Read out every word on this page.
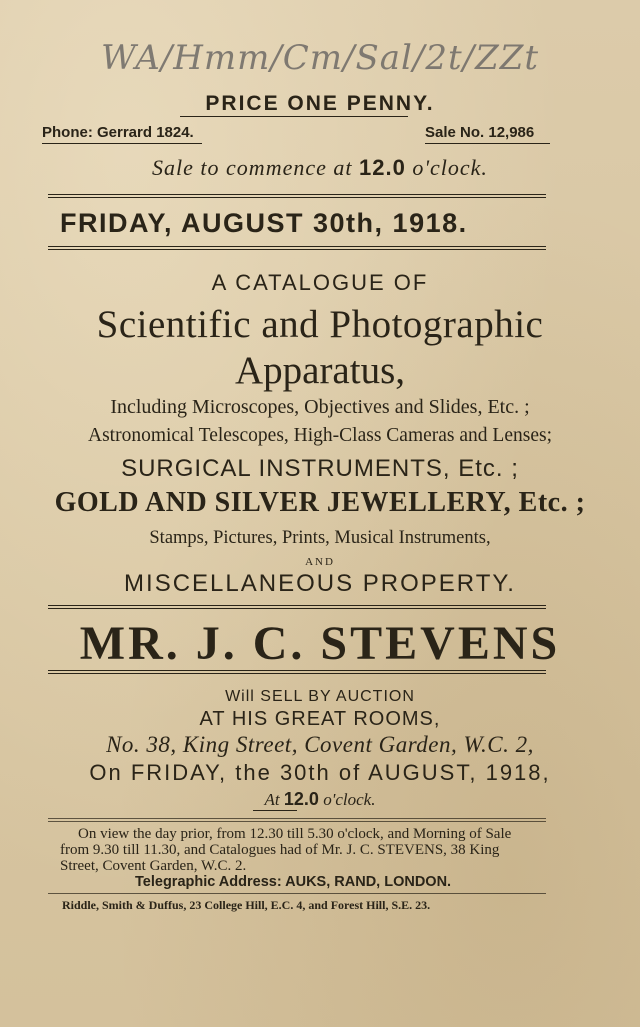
WA/Hmm/Cm/Sal/2t/ZZt
PRICE ONE PENNY.
Phone: Gerrard 1824.	Sale No. 12,986
Sale to commence at 12.0 o'clock.
FRIDAY, AUGUST 30th, 1918.
A CATALOGUE OF
Scientific and Photographic
Apparatus,
Including Microscopes, Objectives and Slides, Etc. ;
Astronomical Telescopes, High-Class Cameras and Lenses;
SURGICAL INSTRUMENTS, Etc. ;
GOLD AND SILVER JEWELLERY, Etc. ;
Stamps, Pictures, Prints, Musical Instruments,
AND
MISCELLANEOUS PROPERTY.
MR. J. C. STEVENS
Will SELL BY AUCTION
AT HIS GREAT ROOMS,
No. 38, King Street, Covent Garden, W.C. 2,
On FRIDAY, the 30th of AUGUST, 1918,
At 12.0 o'clock.
On view the day prior, from 12.30 till 5.30 o'clock, and Morning of Sale
from 9.30 till 11.30, and Catalogues had of Mr. J. C. STEVENS, 38 King
Street, Covent Garden, W.C. 2.
Telegraphic Address: AUKS, RAND, LONDON.
Riddle, Smith & Duffus, 23 College Hill, E.C. 4, and Forest Hill, S.E. 23.
